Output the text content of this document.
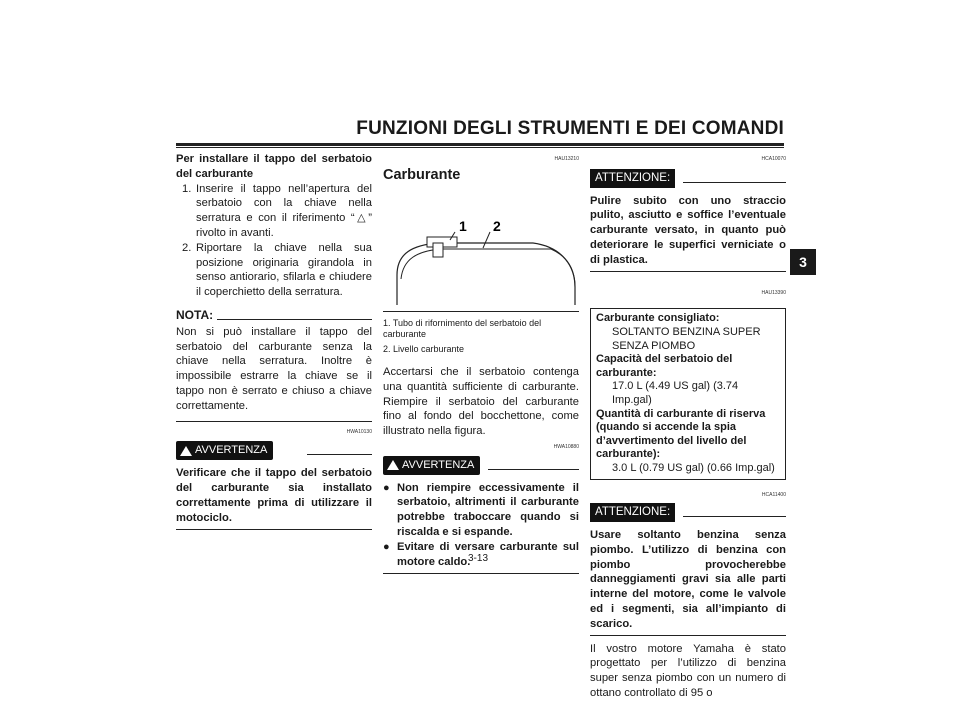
FUNZIONI DEGLI STRUMENTI E DEI COMANDI
3
Per installare il tappo del serbatoio del carburante
1. Inserire il tappo nell’apertura del serbatoio con la chiave nella serratura e con il riferimento “△” rivolto in avanti.
2. Riportare la chiave nella sua posizione originaria girandola in senso antiorario, sfilarla e chiudere il coperchietto della serratura.
NOTA:
Non si può installare il tappo del serbatoio del carburante senza la chiave nella serratura. Inoltre è impossibile estrarre la chiave se il tappo non è serrato e chiuso a chiave correttamente.
HWA10130
AVVERTENZA
Verificare che il tappo del serbatoio del carburante sia installato correttamente prima di utilizzare il motociclo.
HAU13210
Carburante
1 2
1. Tubo di rifornimento del serbatoio del carburante
2. Livello carburante
Accertarsi che il serbatoio contenga una quantità sufficiente di carburante. Riempire il serbatoio del carburante fino al fondo del bocchettone, come illustrato nella figura.
HWA10880
AVVERTENZA
● Non riempire eccessivamente il serbatoio, altrimenti il carburante potrebbe traboccare quando si riscalda e si espande.
● Evitare di versare carburante sul motore caldo.
HCA10070
ATTENZIONE:
Pulire subito con uno straccio pulito, asciutto e soffice l’eventuale carburante versato, in quanto può deteriorare le superfici verniciate o di plastica.
HAU13390
Carburante consigliato:
SOLTANTO BENZINA SUPER SENZA PIOMBO
Capacità del serbatoio del carburante:
17.0 L (4.49 US gal) (3.74 Imp.gal)
Quantità di carburante di riserva (quando si accende la spia d’avvertimento del livello del carburante):
3.0 L (0.79 US gal) (0.66 Imp.gal)
HCA11400
ATTENZIONE:
Usare soltanto benzina senza piombo. L’utilizzo di benzina con piombo provocherebbe danneggiamenti gravi sia alle parti interne del motore, come le valvole ed i segmenti, sia all’impianto di scarico.
Il vostro motore Yamaha è stato progettato per l’utilizzo di benzina super senza piombo con un numero di ottano controllato di 95 o
3-13
